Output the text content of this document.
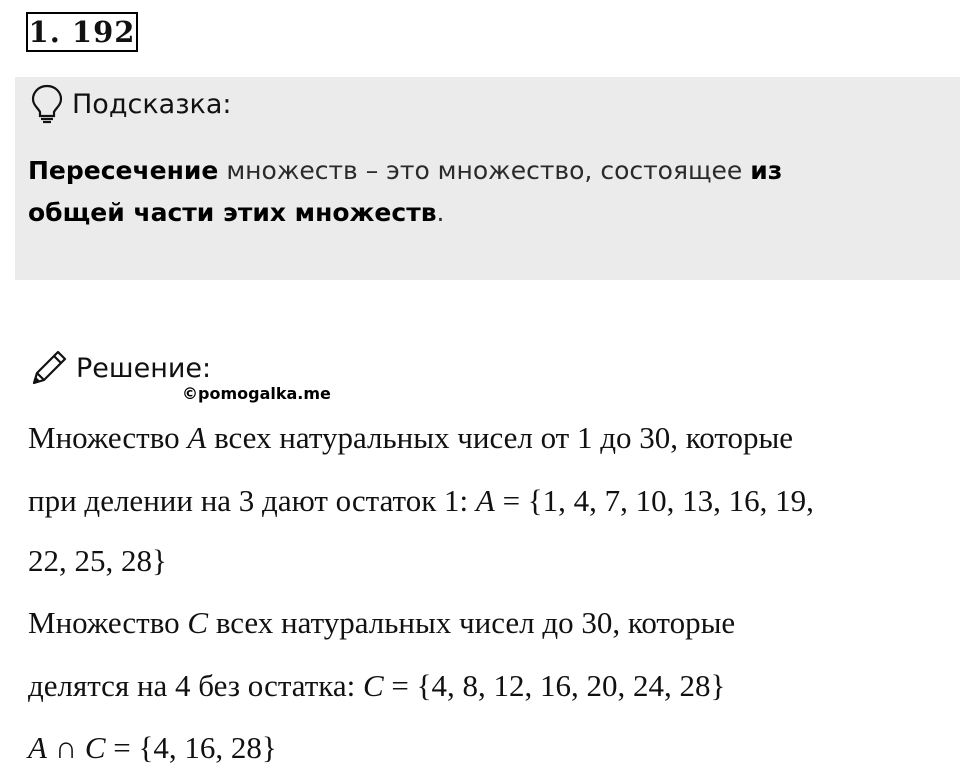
1. 192
Подсказка:
Пересечение множеств – это множество, состоящее из
общей части этих множеств.
Решение:
©pomogalka.me
Множество A всех натуральных чисел от 1 до 30, которые
при делении на 3 дают остаток 1: A = {1, 4, 7, 10, 13, 16, 19,
22, 25, 28}
Множество C всех натуральных чисел до 30, которые
делятся на 4 без остатка: C = {4, 8, 12, 16, 20, 24, 28}
A ∩ C = {4, 16, 28}
